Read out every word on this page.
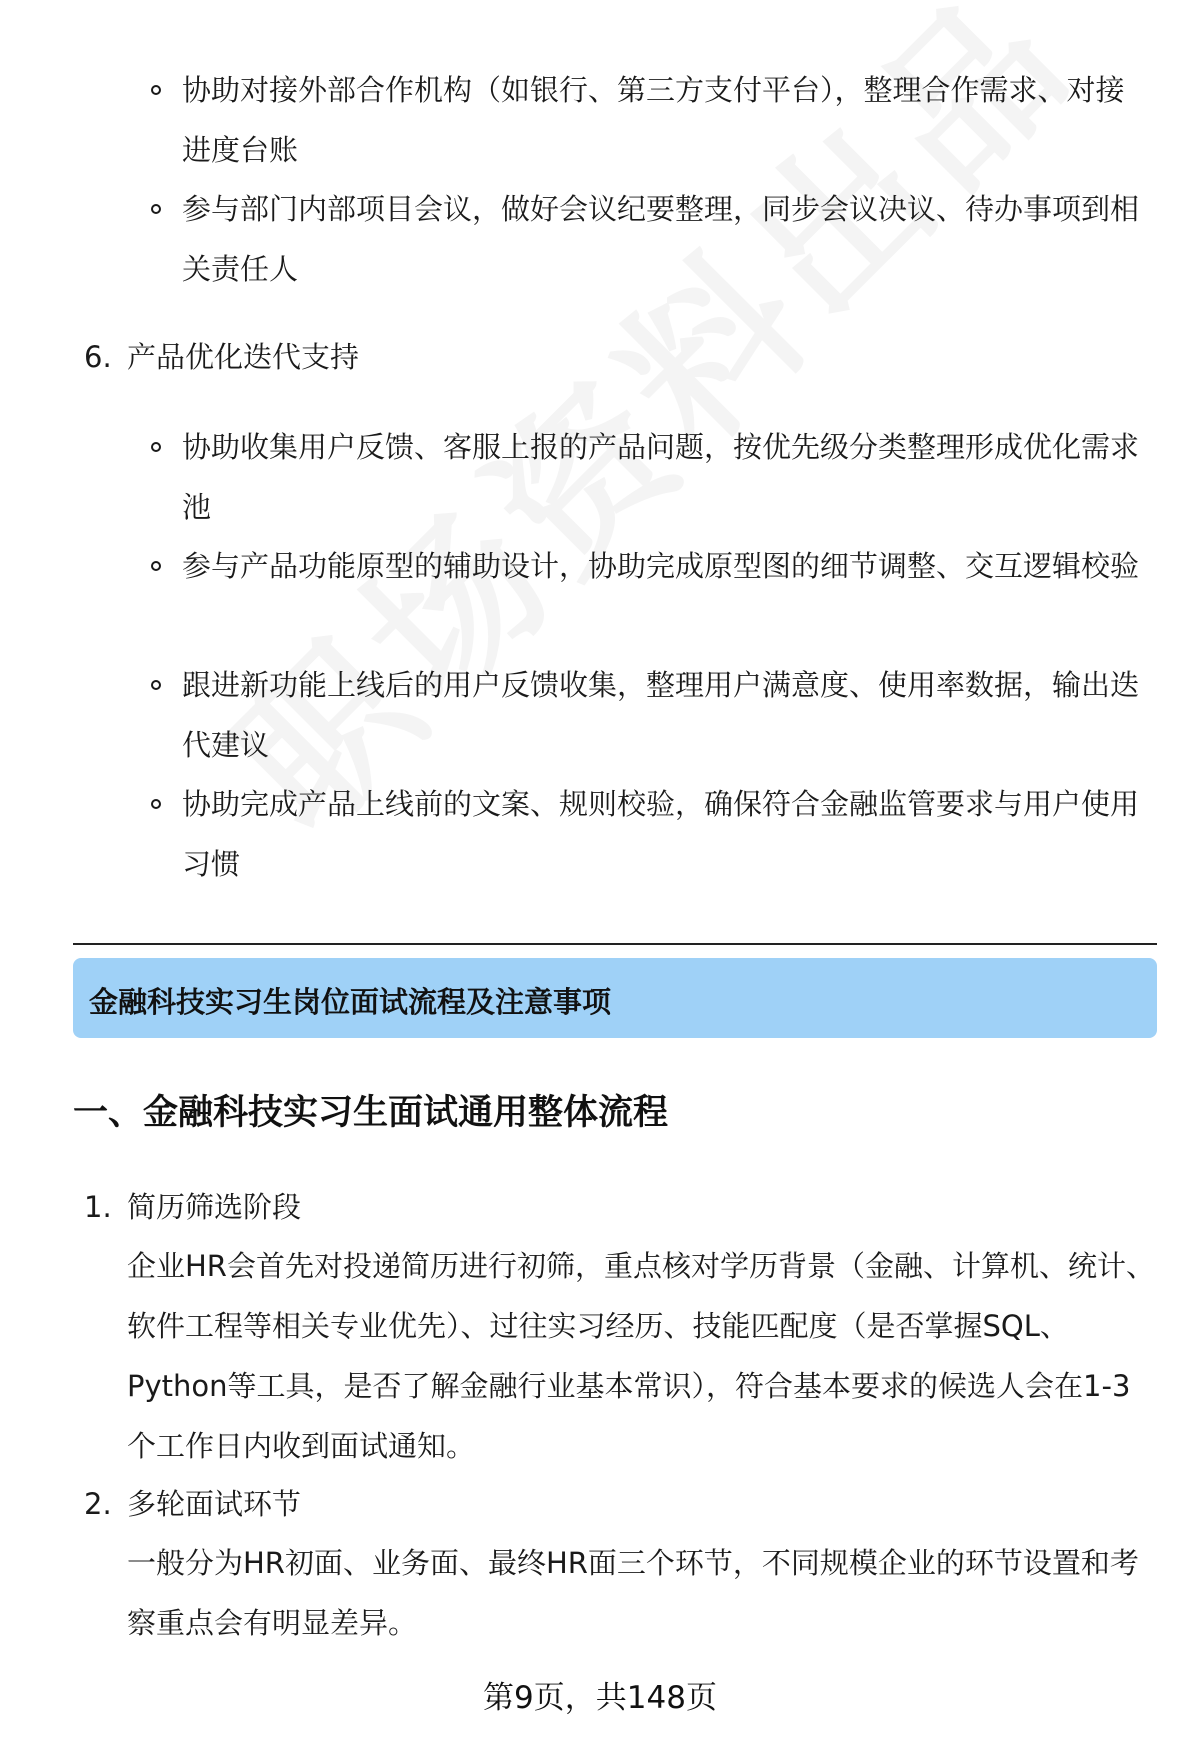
协助对接外部合作机构（如银行、第三方支付平台），整理合作需求、对接进度台账
参与部门内部项目会议，做好会议纪要整理，同步会议决议、待办事项到相关责任人
6. 产品优化迭代支持
协助收集用户反馈、客服上报的产品问题，按优先级分类整理形成优化需求池
参与产品功能原型的辅助设计，协助完成原型图的细节调整、交互逻辑校验
跟进新功能上线后的用户反馈收集，整理用户满意度、使用率数据，输出迭代建议
协助完成产品上线前的文案、规则校验，确保符合金融监管要求与用户使用习惯
金融科技实习生岗位面试流程及注意事项
一、金融科技实习生面试通用整体流程
1. 简历筛选阶段
企业HR会首先对投递简历进行初筛，重点核对学历背景（金融、计算机、统计、软件工程等相关专业优先）、过往实习经历、技能匹配度（是否掌握SQL、Python等工具，是否了解金融行业基本常识），符合基本要求的候选人会在1-3个工作日内收到面试通知。
2. 多轮面试环节
一般分为HR初面、业务面、最终HR面三个环节，不同规模企业的环节设置和考察重点会有明显差异。
第9页，共148页
